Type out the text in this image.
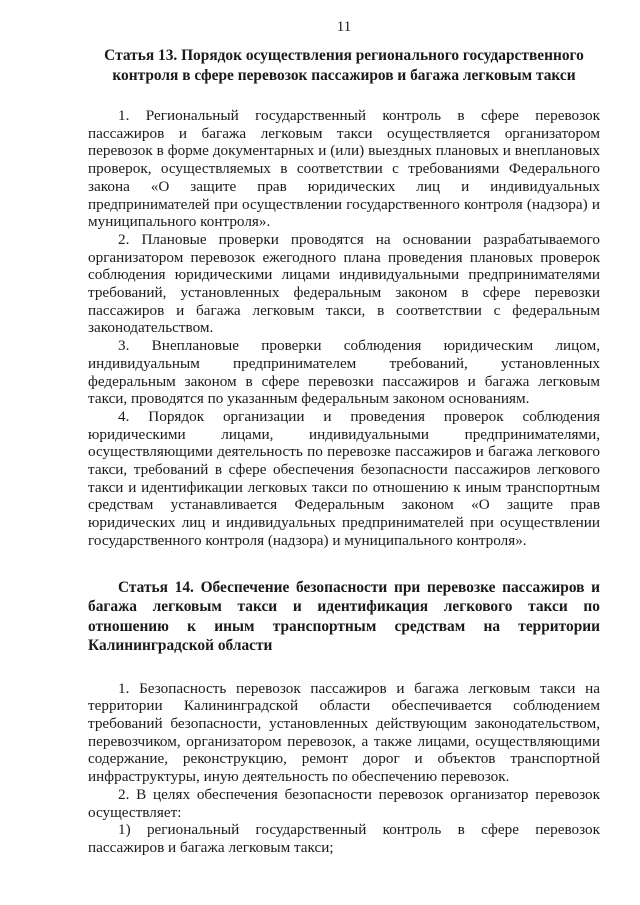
11

Статья 13. Порядок осуществления регионального государственного контроля в сфере перевозок пассажиров и багажа легковым такси

1. Региональный государственный контроль в сфере перевозок пассажиров и багажа легковым такси осуществляется организатором перевозок в форме документарных и (или) выездных плановых и внеплановых проверок, осуществляемых в соответствии с требованиями Федерального закона «О защите прав юридических лиц и индивидуальных предпринимателей при осуществлении государственного контроля (надзора) и муниципального контроля».

2. Плановые проверки проводятся на основании разрабатываемого организатором перевозок ежегодного плана проведения плановых проверок соблюдения юридическими лицами индивидуальными предпринимателями требований, установленных федеральным законом в сфере перевозки пассажиров и багажа легковым такси, в соответствии с федеральным законодательством.

3. Внеплановые проверки соблюдения юридическим лицом, индивидуальным предпринимателем требований, установленных федеральным законом в сфере перевозки пассажиров и багажа легковым такси, проводятся по указанным федеральным законом основаниям.

4. Порядок организации и проведения проверок соблюдения юридическими лицами, индивидуальными предпринимателями, осуществляющими деятельность по перевозке пассажиров и багажа легкового такси, требований в сфере обеспечения безопасности пассажиров легкового такси и идентификации легковых такси по отношению к иным транспортным средствам устанавливается Федеральным законом «О защите прав юридических лиц и индивидуальных предпринимателей при осуществлении государственного контроля (надзора) и муниципального контроля».

Статья 14. Обеспечение безопасности при перевозке пассажиров и багажа легковым такси и идентификация легкового такси по отношению к иным транспортным средствам на территории Калининградской области

1. Безопасность перевозок пассажиров и багажа легковым такси на территории Калининградской области обеспечивается соблюдением требований безопасности, установленных действующим законодательством, перевозчиком, организатором перевозок, а также лицами, осуществляющими содержание, реконструкцию, ремонт дорог и объектов транспортной инфраструктуры, иную деятельность по обеспечению перевозок.

2. В целях обеспечения безопасности перевозок организатор перевозок осуществляет:

1) региональный государственный контроль в сфере перевозок пассажиров и багажа легковым такси;
